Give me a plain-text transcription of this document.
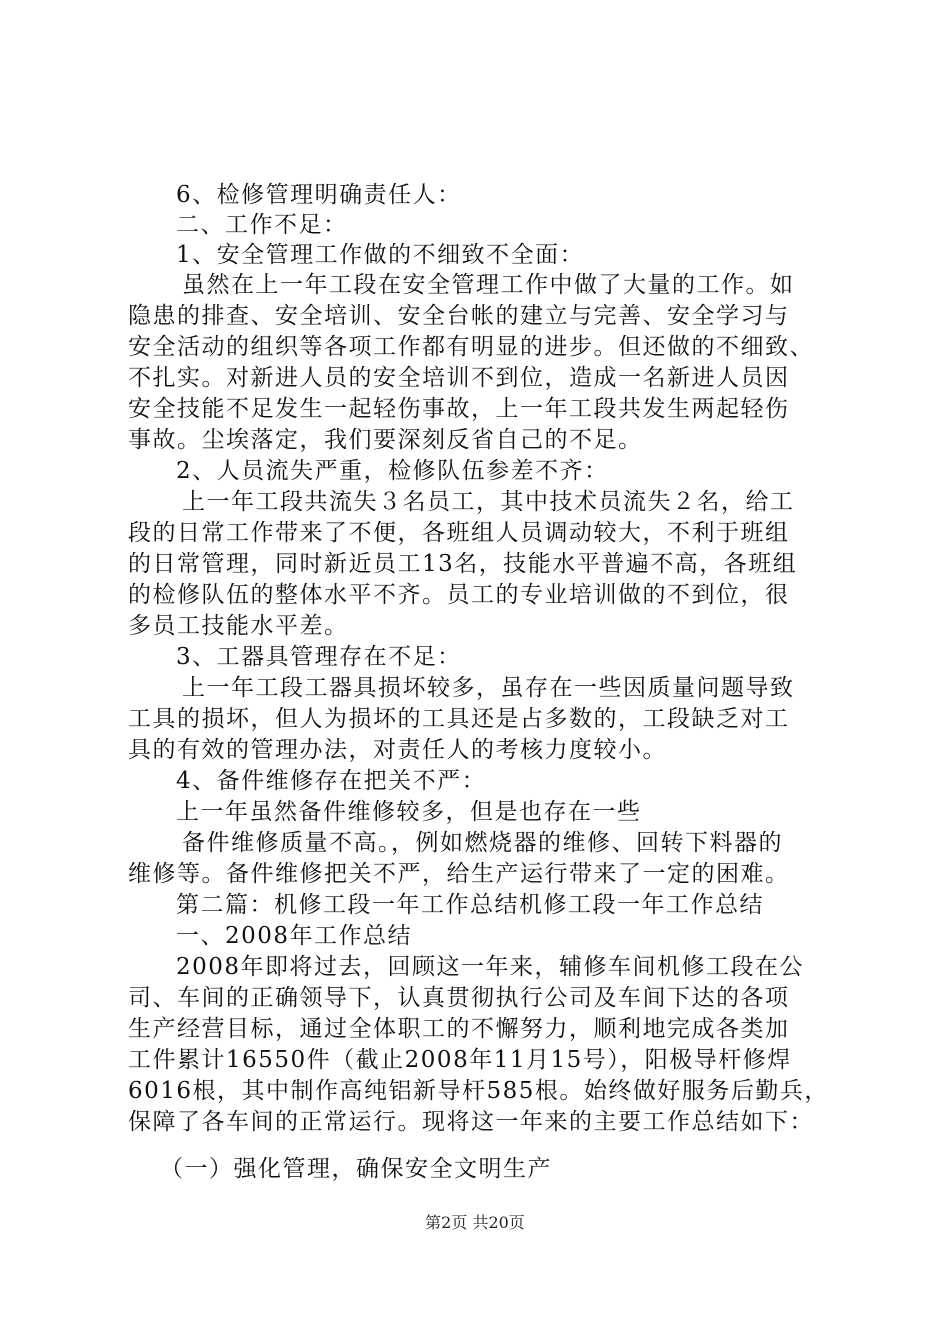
6、检修管理明确责任人：
二、工作不足：
1、安全管理工作做的不细致不全面：
虽然在上一年工段在安全管理工作中做了大量的工作。如
隐患的排查、安全培训、安全台帐的建立与完善、安全学习与
安全活动的组织等各项工作都有明显的进步。但还做的不细致、
不扎实。对新进人员的安全培训不到位，造成一名新进人员因
安全技能不足发生一起轻伤事故，上一年工段共发生两起轻伤
事故。尘埃落定，我们要深刻反省自己的不足。
2、人员流失严重，检修队伍参差不齐：
上一年工段共流失３名员工，其中技术员流失２名，给工
段的日常工作带来了不便，各班组人员调动较大，不利于班组
的日常管理，同时新近员工13名，技能水平普遍不高，各班组
的检修队伍的整体水平不齐。员工的专业培训做的不到位，很
多员工技能水平差。
3、工器具管理存在不足：
上一年工段工器具损坏较多，虽存在一些因质量问题导致
工具的损坏，但人为损坏的工具还是占多数的，工段缺乏对工
具的有效的管理办法，对责任人的考核力度较小。
4、备件维修存在把关不严：
上一年虽然备件维修较多，但是也存在一些
备件维修质量不高。，例如燃烧器的维修、回转下料器的
维修等。备件维修把关不严，给生产运行带来了一定的困难。
第二篇：机修工段一年工作总结机修工段一年工作总结
一、2008年工作总结
2008年即将过去，回顾这一年来，辅修车间机修工段在公
司、车间的正确领导下，认真贯彻执行公司及车间下达的各项
生产经营目标，通过全体职工的不懈努力，顺利地完成各类加
工件累计16550件（截止2008年11月15号），阳极导杆修焊
6016根，其中制作高纯铝新导杆585根。始终做好服务后勤兵，
保障了各车间的正常运行。现将这一年来的主要工作总结如下：
（一）强化管理，确保安全文明生产
第2页 共20页
